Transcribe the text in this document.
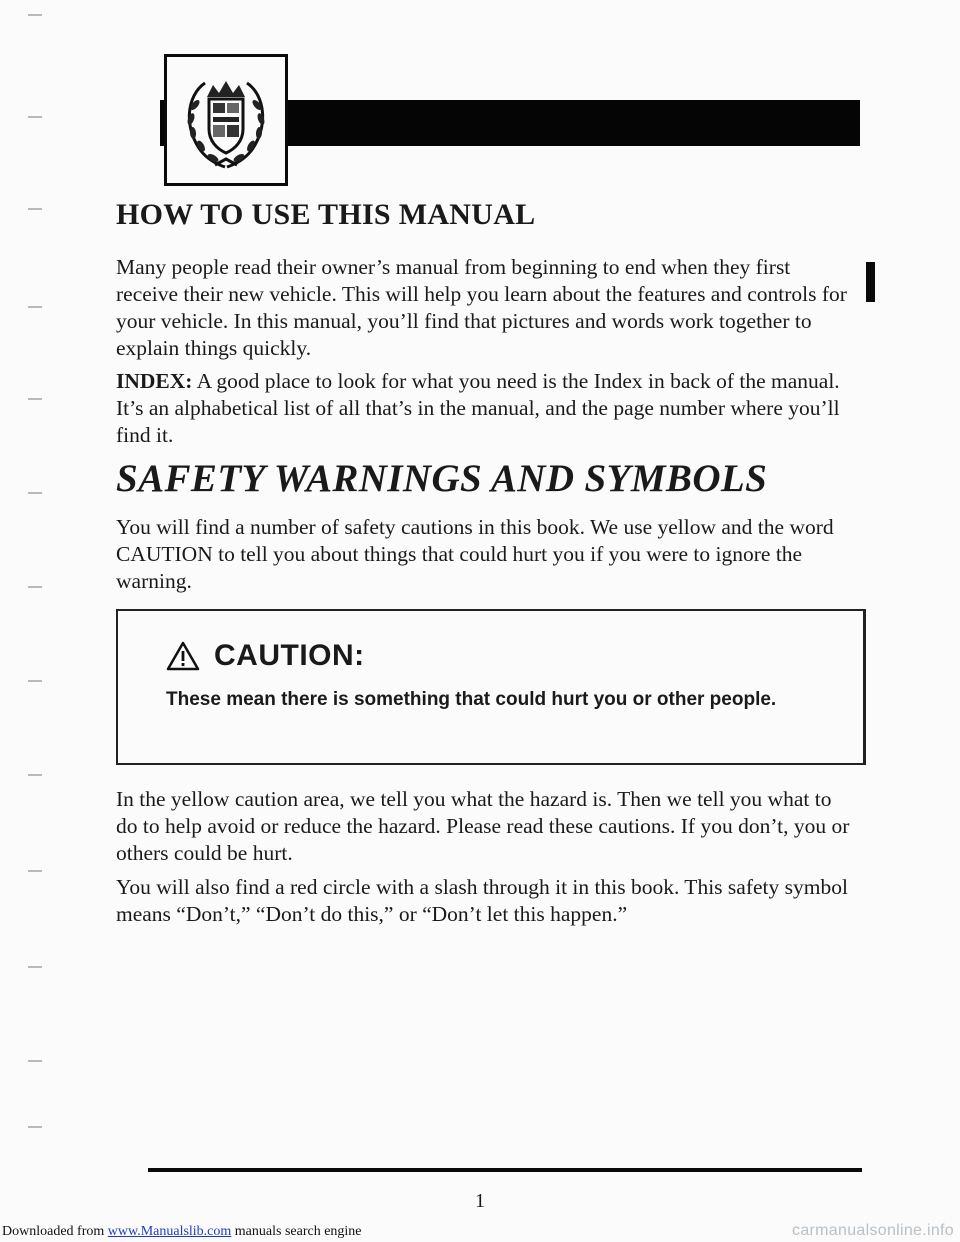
HOW TO USE THIS MANUAL

Many people read their owner’s manual from beginning to end when they first receive their new vehicle. This will help you learn about the features and controls for your vehicle. In this manual, you’ll find that pictures and words work together to explain things quickly.

INDEX: A good place to look for what you need is the Index in back of the manual. It’s an alphabetical list of all that’s in the manual, and the page number where you’ll find it.

SAFETY WARNINGS AND SYMBOLS

You will find a number of safety cautions in this book. We use yellow and the word CAUTION to tell you about things that could hurt you if you were to ignore the warning.

CAUTION:

These mean there is something that could hurt you or other people.

In the yellow caution area, we tell you what the hazard is. Then we tell you what to do to help avoid or reduce the hazard. Please read these cautions. If you don’t, you or others could be hurt.

You will also find a red circle with a slash through it in this book. This safety symbol means “Don’t,” “Don’t do this,” or “Don’t let this happen.”

1
Downloaded from www.Manualslib.com manuals search engine	carmanualsonline.info
